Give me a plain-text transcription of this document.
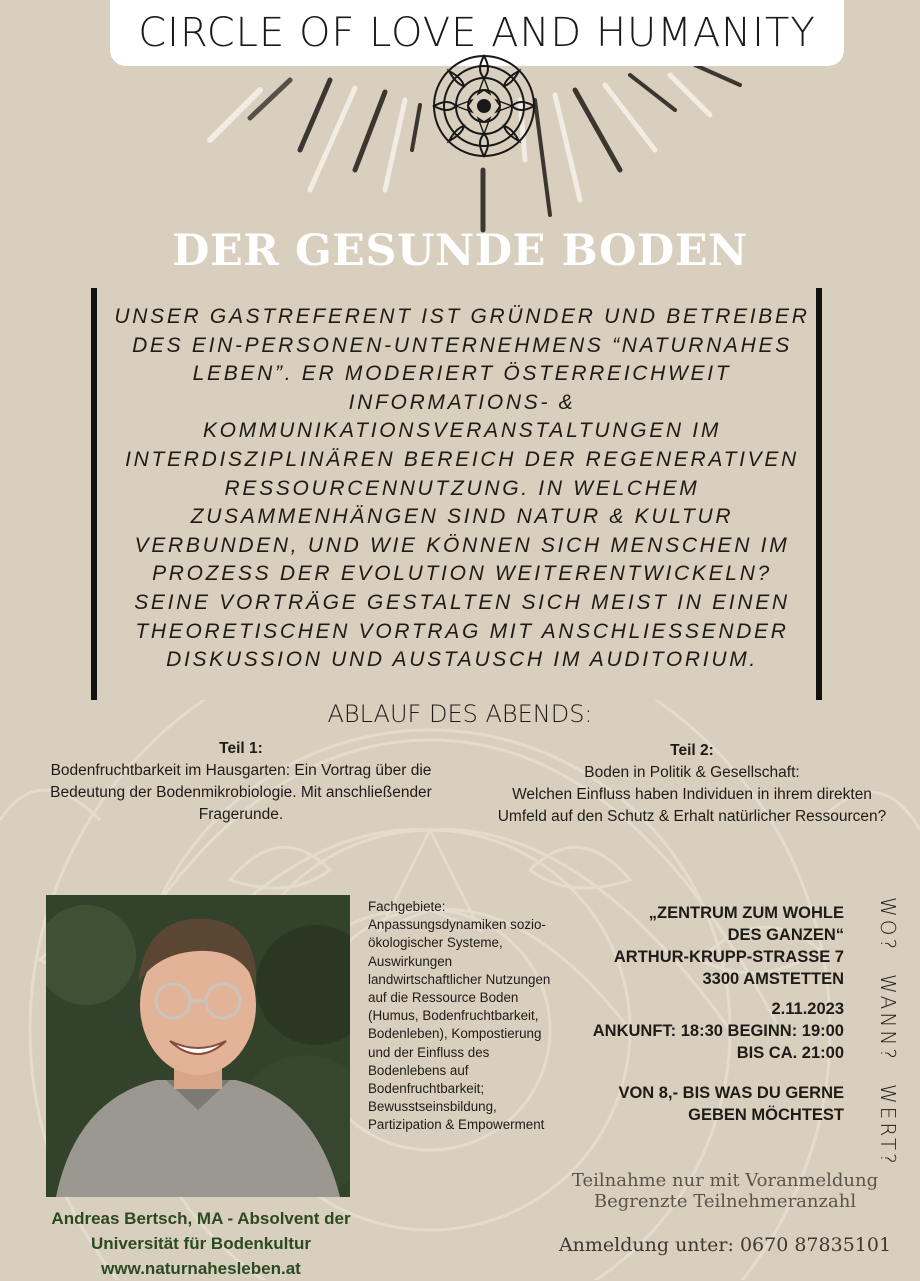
CIRCLE OF LOVE AND HUMANITY
DER GESUNDE BODEN
UNSER GASTREFERENT IST GRÜNDER UND BETREIBER DES EIN-PERSONEN-UNTERNEHMENS “NATURNAHES LEBEN”. ER MODERIERT ÖSTERREICHWEIT INFORMATIONS- & KOMMUNIKATIONSVERANSTALTUNGEN IM INTERDISZIPLINÄREN BEREICH DER REGENERATIVEN RESSOURCENNUTZUNG. IN WELCHEM ZUSAMMENHÄNGEN SIND NATUR & KULTUR VERBUNDEN, UND WIE KÖNNEN SICH MENSCHEN IM PROZESS DER EVOLUTION WEITERENTWICKELN? SEINE VORTRÄGE GESTALTEN SICH MEIST IN EINEN THEORETISCHEN VORTRAG MIT ANSCHLIESSENDER DISKUSSION UND AUSTAUSCH IM AUDITORIUM.
ABLAUF DES ABENDS:
Teil 1:
Bodenfruchtbarkeit im Hausgarten: Ein Vortrag über die Bedeutung der Bodenmikrobiologie. Mit anschließender Fragerunde.
Teil 2:
Boden in Politik & Gesellschaft:
Welchen Einfluss haben Individuen in ihrem direkten Umfeld auf den Schutz & Erhalt natürlicher Ressourcen?
Andreas Bertsch, MA - Absolvent der
Universität für Bodenkultur
www.naturnahesleben.at
Fachgebiete: Anpassungsdynamiken sozio-ökologischer Systeme, Auswirkungen landwirtschaftlicher Nutzungen auf die Ressource Boden (Humus, Bodenfruchtbarkeit, Bodenleben), Kompostierung und der Einfluss des Bodenlebens auf Bodenfruchtbarkeit; Bewusstseinsbildung, Partizipation & Empowerment
„ZENTRUM ZUM WOHLE
DES GANZEN“
ARTHUR-KRUPP-STRASSE 7
3300 AMSTETTEN
2.11.2023
ANKUNFT: 18:30 BEGINN: 19:00
BIS CA. 21:00
VON 8,- BIS WAS DU GERNE
GEBEN MÖCHTEST
WO?
WANN?
WERT?
Teilnahme nur mit Voranmeldung
Begrenzte Teilnehmeranzahl
Anmeldung unter: 0670 87835101
